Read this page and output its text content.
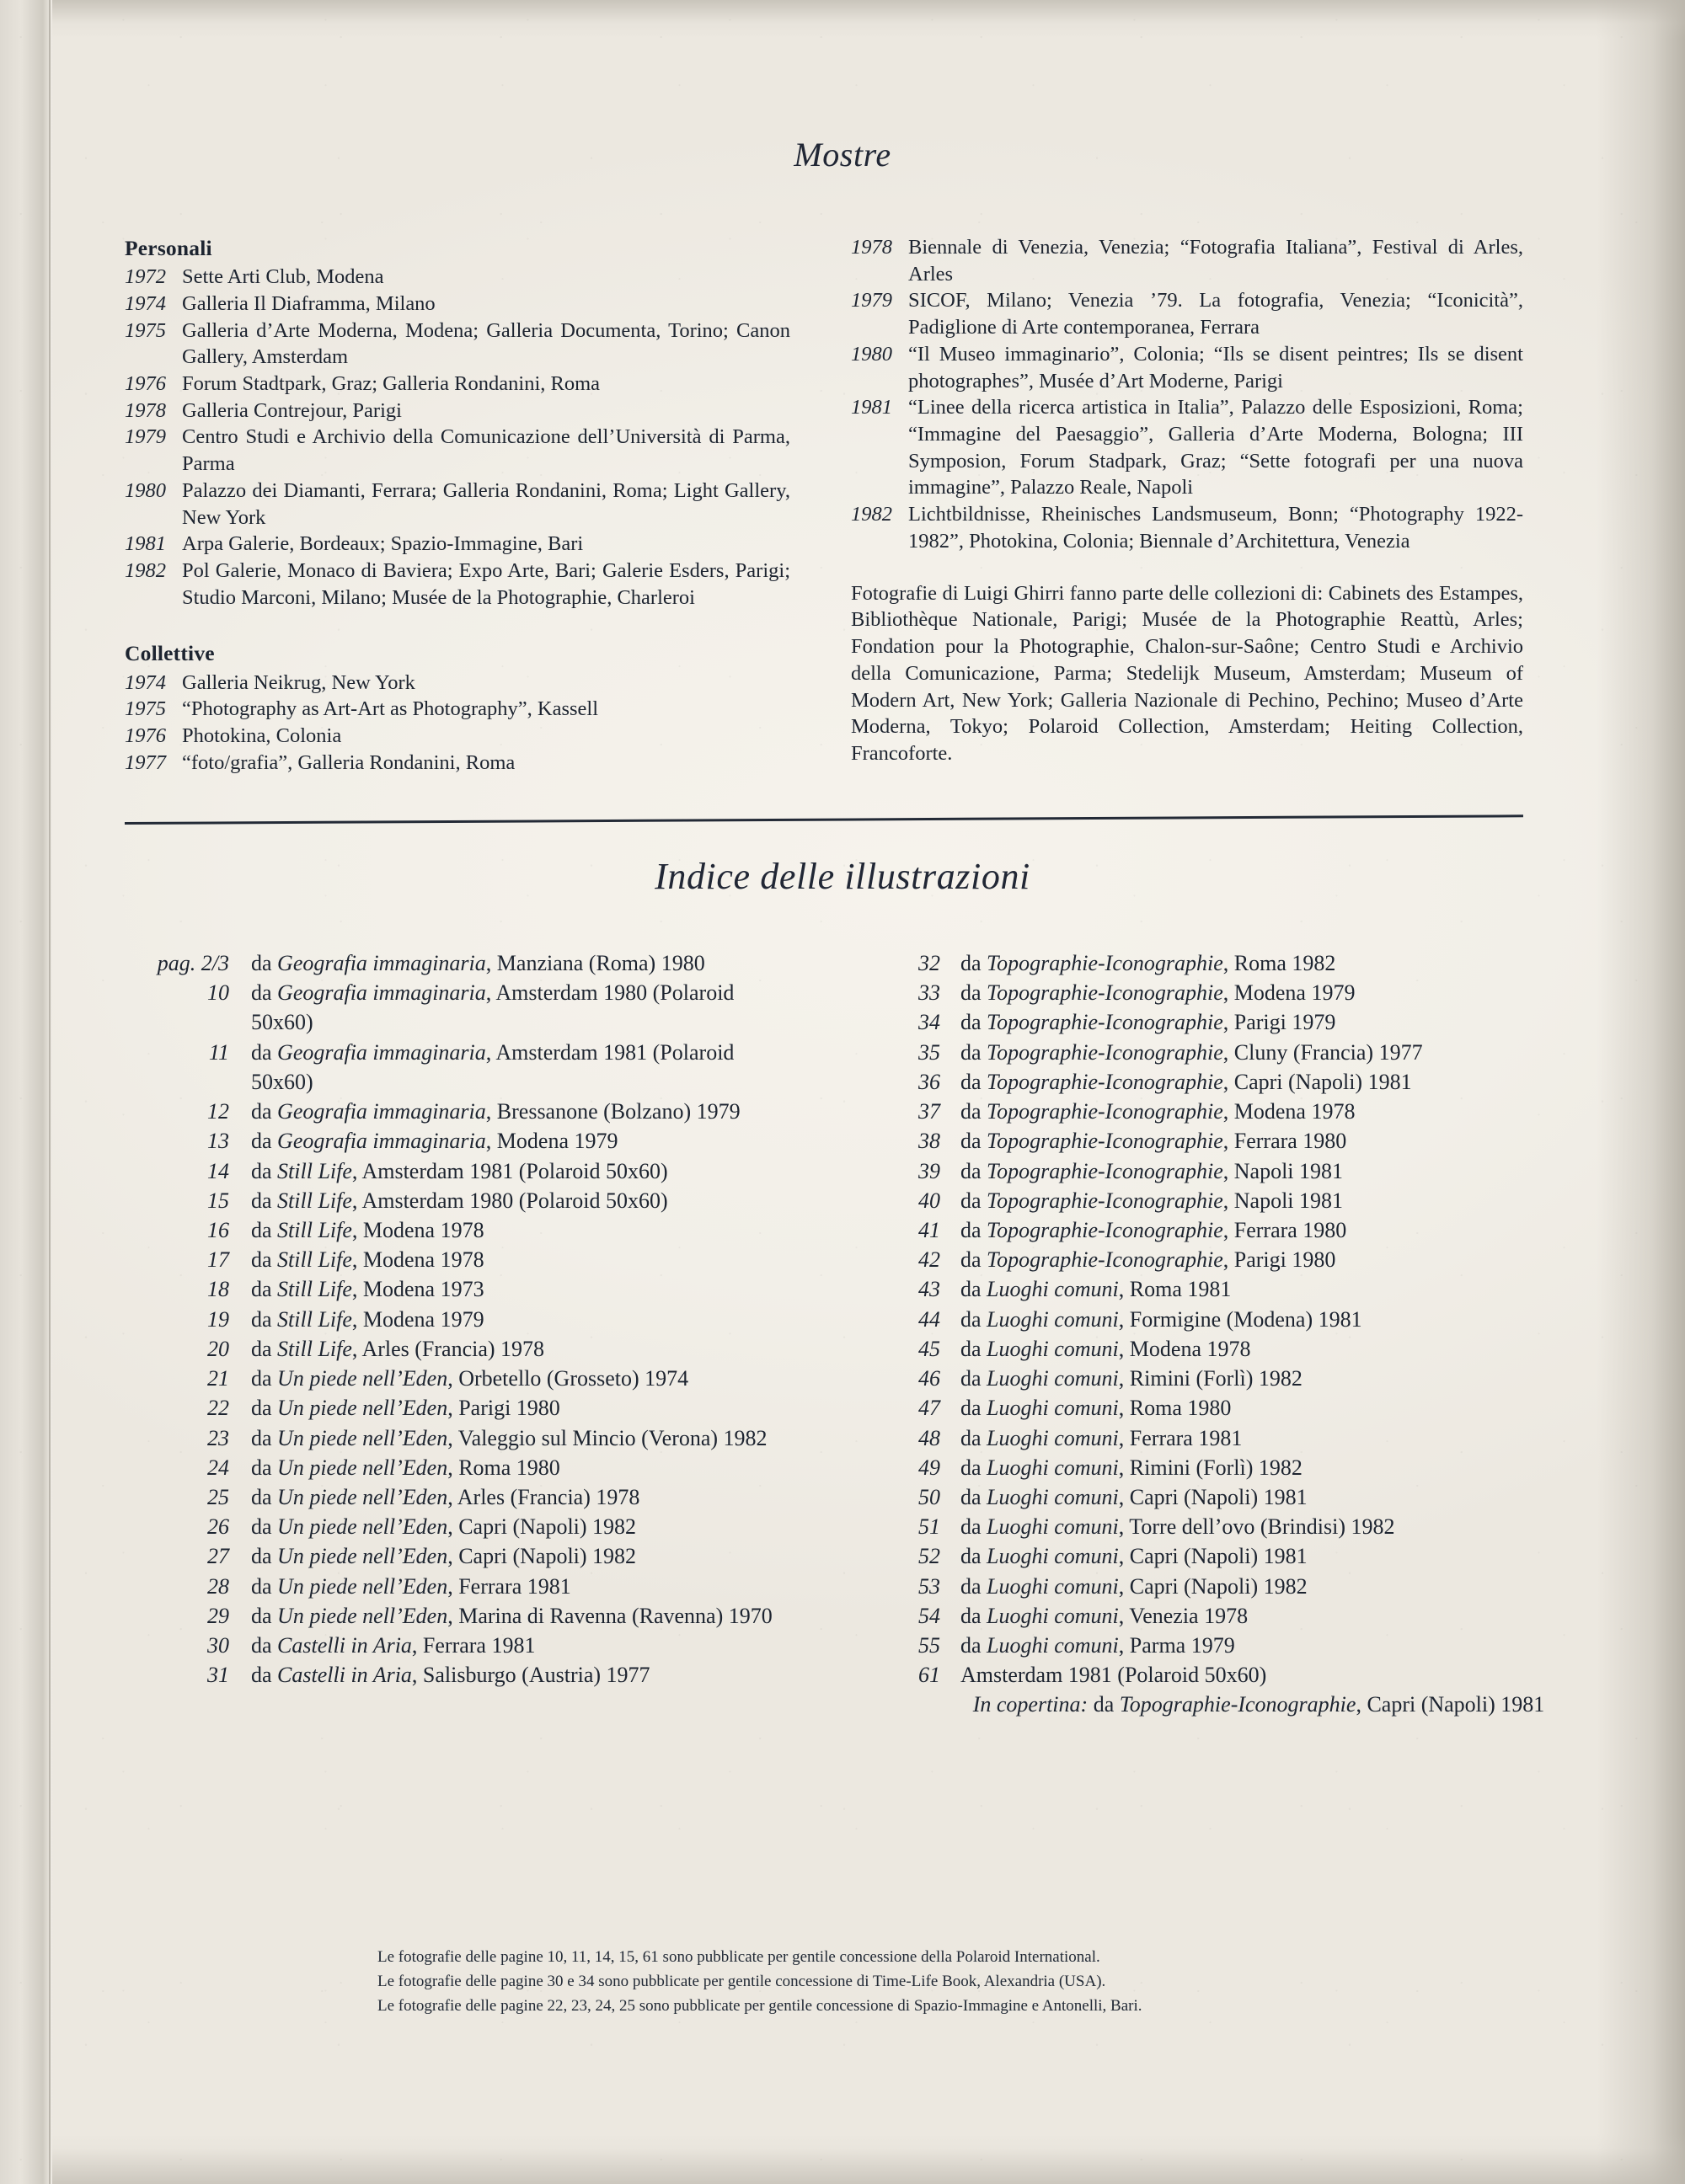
Mostre
Personali
1972 Sette Arti Club, Modena
1974 Galleria Il Diaframma, Milano
1975 Galleria d’Arte Moderna, Modena; Galleria Documenta, Torino; Canon Gallery, Amsterdam
1976 Forum Stadtpark, Graz; Galleria Rondanini, Roma
1978 Galleria Contrejour, Parigi
1979 Centro Studi e Archivio della Comunicazione dell’Università di Parma, Parma
1980 Palazzo dei Diamanti, Ferrara; Galleria Rondanini, Roma; Light Gallery, New York
1981 Arpa Galerie, Bordeaux; Spazio-Immagine, Bari
1982 Pol Galerie, Monaco di Baviera; Expo Arte, Bari; Galerie Esders, Parigi; Studio Marconi, Milano; Musée de la Photographie, Charleroi
Collettive
1974 Galleria Neikrug, New York
1975 “Photography as Art-Art as Photography”, Kassell
1976 Photokina, Colonia
1977 “foto/grafia”, Galleria Rondanini, Roma
1978 Biennale di Venezia, Venezia; “Fotografia Italiana”, Festival di Arles, Arles
1979 SICOF, Milano; Venezia ’79. La fotografia, Venezia; “Iconicità”, Padiglione di Arte contemporanea, Ferrara
1980 “Il Museo immaginario”, Colonia; “Ils se disent peintres; Ils se disent photographes”, Musée d’Art Moderne, Parigi
1981 “Linee della ricerca artistica in Italia”, Palazzo delle Esposizioni, Roma; “Immagine del Paesaggio”, Galleria d’Arte Moderna, Bologna; III Symposion, Forum Stadpark, Graz; “Sette fotografi per una nuova immagine”, Palazzo Reale, Napoli
1982 Lichtbildnisse, Rheinisches Landsmuseum, Bonn; “Photography 1922-1982”, Photokina, Colonia; Biennale d’Architettura, Venezia

Fotografie di Luigi Ghirri fanno parte delle collezioni di: Cabinets des Estampes, Bibliothèque Nationale, Parigi; Musée de la Photographie Reattù, Arles; Fondation pour la Photographie, Chalon-sur-Saône; Centro Studi e Archivio della Comunicazione, Parma; Stedelijk Museum, Amsterdam; Museum of Modern Art, New York; Galleria Nazionale di Pechino, Pechino; Museo d’Arte Moderna, Tokyo; Polaroid Collection, Amsterdam; Heiting Collection, Francoforte.

Indice delle illustrazioni
pag. 2/3	da Geografia immaginaria, Manziana (Roma) 1980
10	da Geografia immaginaria, Amsterdam 1980 (Polaroid 50x60)
11	da Geografia immaginaria, Amsterdam 1981 (Polaroid 50x60)
12	da Geografia immaginaria, Bressanone (Bolzano) 1979
13	da Geografia immaginaria, Modena 1979
14	da Still Life, Amsterdam 1981 (Polaroid 50x60)
15	da Still Life, Amsterdam 1980 (Polaroid 50x60)
16	da Still Life, Modena 1978
17	da Still Life, Modena 1978
18	da Still Life, Modena 1973
19	da Still Life, Modena 1979
20	da Still Life, Arles (Francia) 1978
21	da Un piede nell’Eden, Orbetello (Grosseto) 1974
22	da Un piede nell’Eden, Parigi 1980
23	da Un piede nell’Eden, Valeggio sul Mincio (Verona) 1982
24	da Un piede nell’Eden, Roma 1980
25	da Un piede nell’Eden, Arles (Francia) 1978
26	da Un piede nell’Eden, Capri (Napoli) 1982
27	da Un piede nell’Eden, Capri (Napoli) 1982
28	da Un piede nell’Eden, Ferrara 1981
29	da Un piede nell’Eden, Marina di Ravenna (Ravenna) 1970
30	da Castelli in Aria, Ferrara 1981
31	da Castelli in Aria, Salisburgo (Austria) 1977
32 da Topographie-Iconographie, Roma 1982
33 da Topographie-Iconographie, Modena 1979
34 da Topographie-Iconographie, Parigi 1979
35 da Topographie-Iconographie, Cluny (Francia) 1977
36 da Topographie-Iconographie, Capri (Napoli) 1981
37 da Topographie-Iconographie, Modena 1978
38 da Topographie-Iconographie, Ferrara 1980
39 da Topographie-Iconographie, Napoli 1981
40 da Topographie-Iconographie, Napoli 1981
41 da Topographie-Iconographie, Ferrara 1980
42 da Topographie-Iconographie, Parigi 1980
43 da Luoghi comuni, Roma 1981
44 da Luoghi comuni, Formigine (Modena) 1981
45 da Luoghi comuni, Modena 1978
46 da Luoghi comuni, Rimini (Forlì) 1982
47 da Luoghi comuni, Roma 1980
48 da Luoghi comuni, Ferrara 1981
49 da Luoghi comuni, Rimini (Forlì) 1982
50 da Luoghi comuni, Capri (Napoli) 1981
51 da Luoghi comuni, Torre dell’ovo (Brindisi) 1982
52 da Luoghi comuni, Capri (Napoli) 1981
53 da Luoghi comuni, Capri (Napoli) 1982
54 da Luoghi comuni, Venezia 1978
55 da Luoghi comuni, Parma 1979
61 Amsterdam 1981 (Polaroid 50x60)
In copertina: da Topographie-Iconographie, Capri (Napoli) 1981

Le fotografie delle pagine 10, 11, 14, 15, 61 sono pubblicate per gentile concessione della Polaroid International.

Le fotografie delle pagine 30 e 34 sono pubblicate per gentile concessione di Time-Life Book, Alexandria (USA).

Le fotografie delle pagine 22, 23, 24, 25 sono pubblicate per gentile concessione di Spazio-Immagine e Antonelli, Bari.
